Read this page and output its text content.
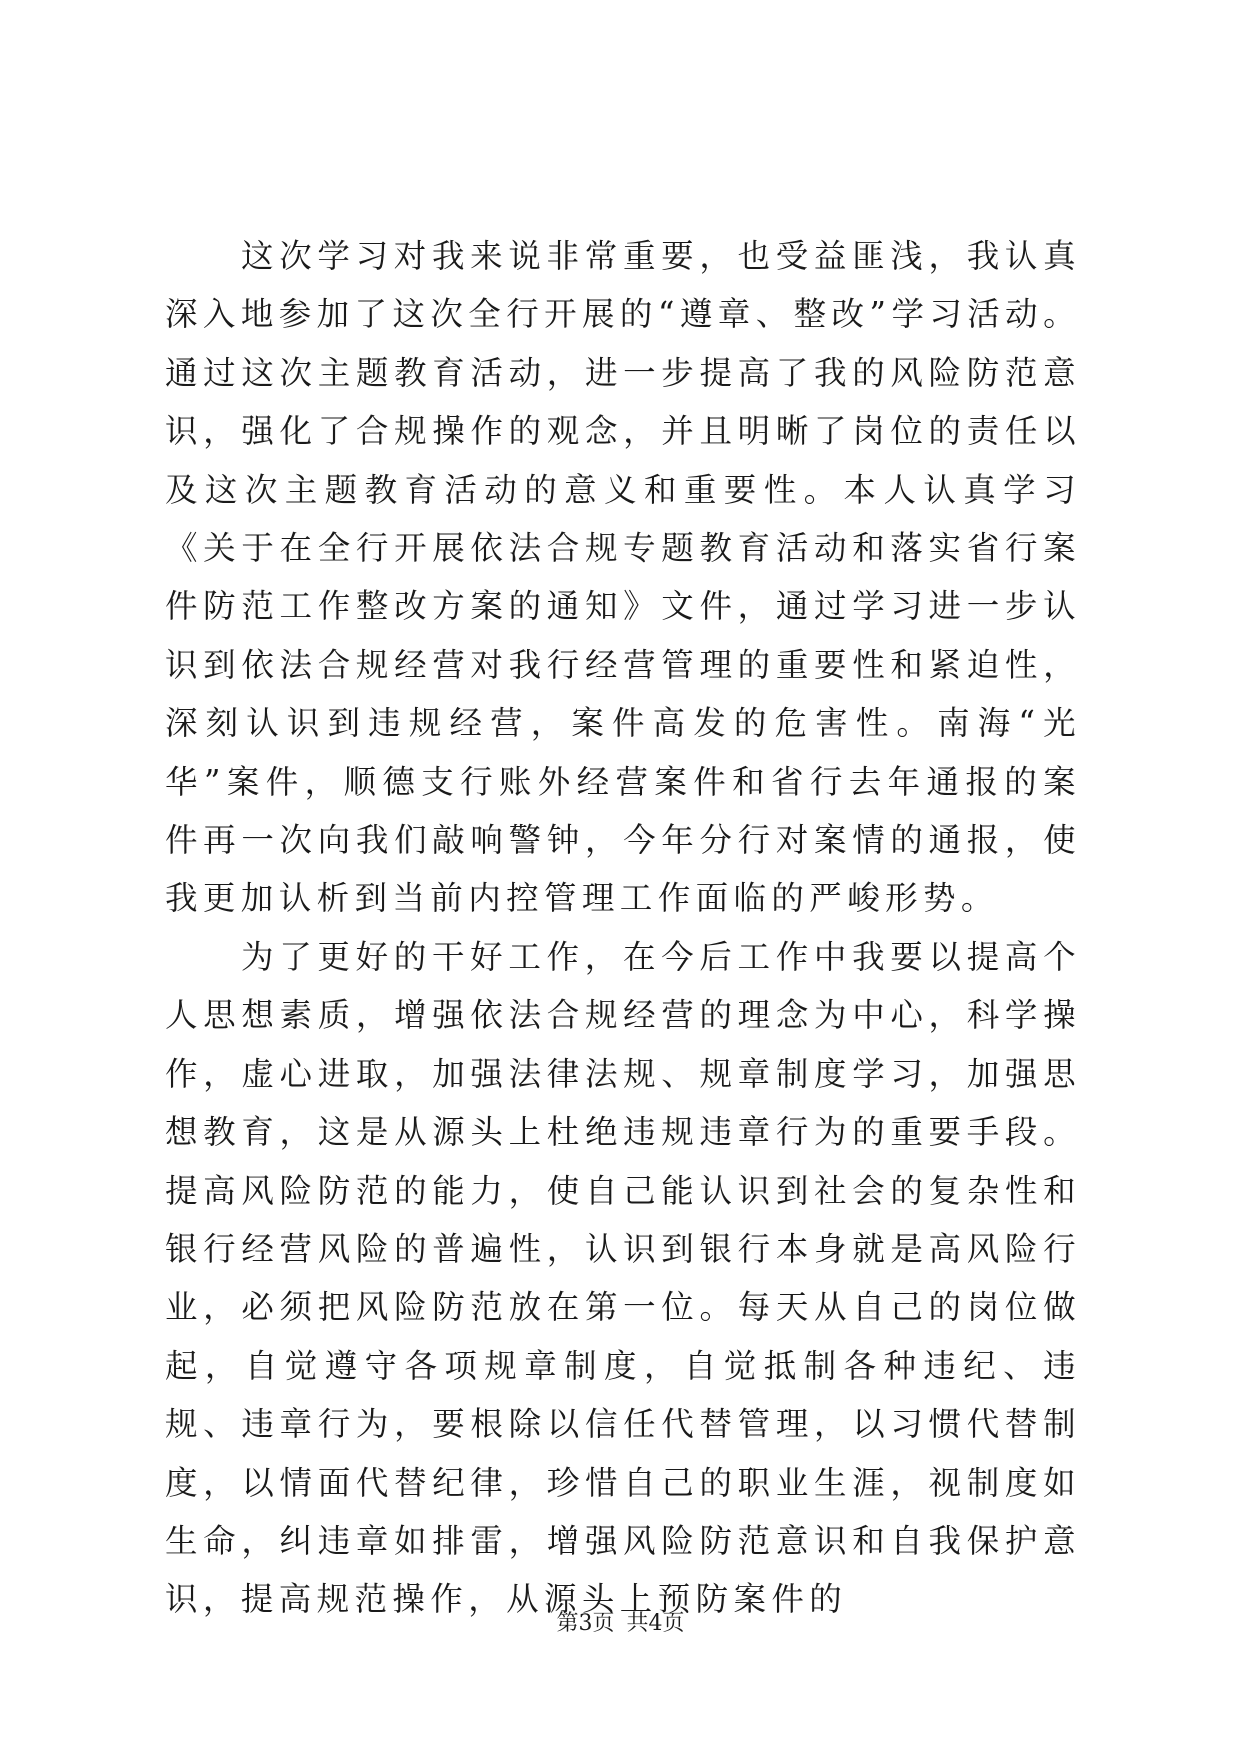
这次学习对我来说非常重要，也受益匪浅，我认真深入地参加了这次全行开展的“遵章、整改”学习活动。通过这次主题教育活动，进一步提高了我的风险防范意识，强化了合规操作的观念，并且明晰了岗位的责任以及这次主题教育活动的意义和重要性。本人认真学习《关于在全行开展依法合规专题教育活动和落实省行案件防范工作整改方案的通知》文件，通过学习进一步认识到依法合规经营对我行经营管理的重要性和紧迫性，深刻认识到违规经营，案件高发的危害性。南海“光华”案件，顺德支行账外经营案件和省行去年通报的案件再一次向我们敲响警钟，今年分行对案情的通报，使我更加认析到当前内控管理工作面临的严峻形势。

为了更好的干好工作，在今后工作中我要以提高个人思想素质，增强依法合规经营的理念为中心，科学操作，虚心进取，加强法律法规、规章制度学习，加强思想教育，这是从源头上杜绝违规违章行为的重要手段。提高风险防范的能力，使自己能认识到社会的复杂性和银行经营风险的普遍性，认识到银行本身就是高风险行业，必须把风险防范放在第一位。每天从自己的岗位做起，自觉遵守各项规章制度，自觉抵制各种违纪、违规、违章行为，要根除以信任代替管理，以习惯代替制度，以情面代替纪律，珍惜自己的职业生涯，视制度如生命，纠违章如排雷，增强风险防范意识和自我保护意识，提高规范操作，从源头上预防案件的

第3页 共4页
